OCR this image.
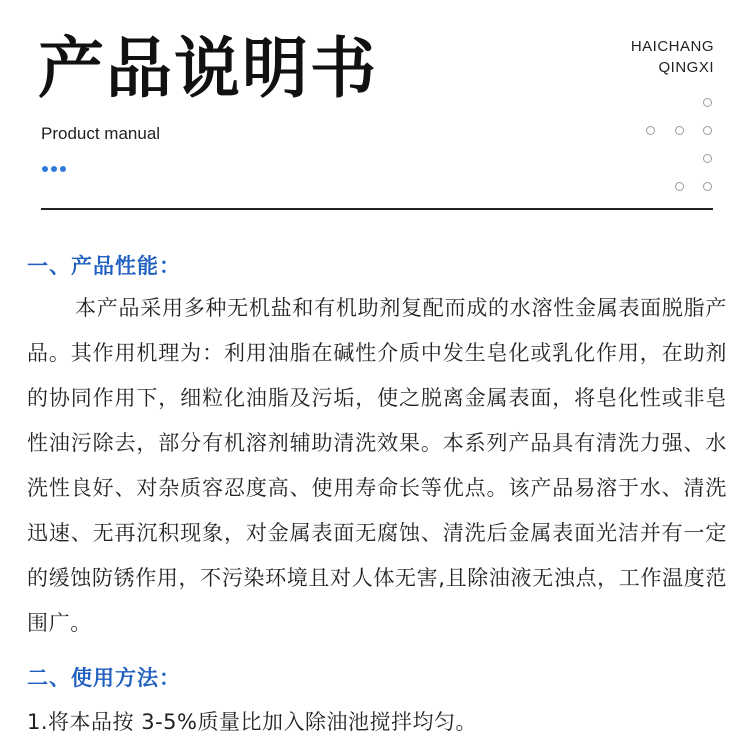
产品说明书	HAICHANG
QINGXI
Product manual
一、产品性能：
本产品采用多种无机盐和有机助剂复配而成的水溶性金属表面脱脂产品。其作用机理为：利用油脂在碱性介质中发生皂化或乳化作用，在助剂的协同作用下，细粒化油脂及污垢，使之脱离金属表面，将皂化性或非皂性油污除去，部分有机溶剂辅助清洗效果。本系列产品具有清洗力强、水洗性良好、对杂质容忍度高、使用寿命长等优点。该产品易溶于水、清洗迅速、无再沉积现象，对金属表面无腐蚀、清洗后金属表面光洁并有一定的缓蚀防锈作用，不污染环境且对人体无害,且除油液无浊点，工作温度范围广。
二、使用方法：
1.将本品按 3-5%质量比加入除油池搅拌均匀。
